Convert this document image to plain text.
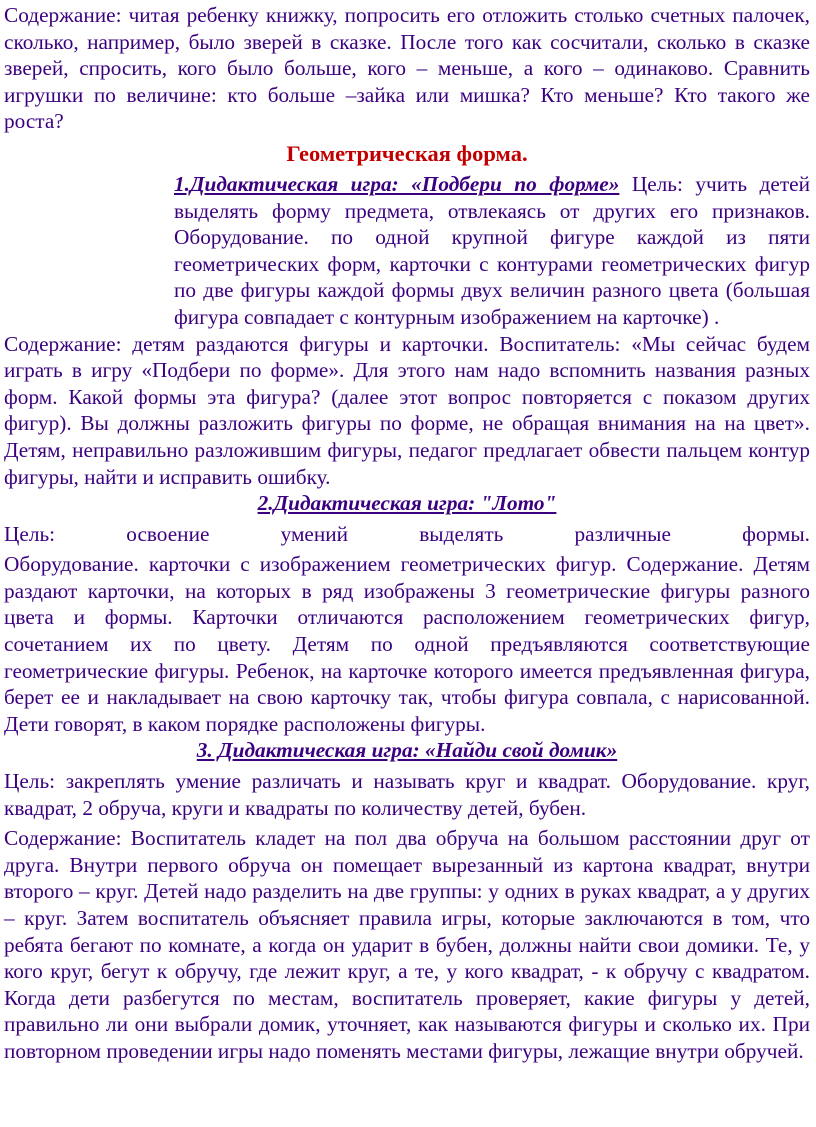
Содержание: читая ребенку книжку, попросить его отложить столько счетных палочек, сколько, например, было зверей в сказке. После того как сосчитали, сколько в сказке зверей, спросить, кого было больше, кого – меньше, а кого – одинаково. Сравнить игрушки по величине: кто больше –зайка или мишка? Кто меньше? Кто такого же роста?

Геометрическая форма.

1.Дидактическая игра: «Подбери по форме» Цель: учить детей выделять форму предмета, отвлекаясь от других его признаков. Оборудование. по одной крупной фигуре каждой из пяти геометрических форм, карточки с контурами геометрических фигур по две фигуры каждой формы двух величин разного цвета (большая фигура совпадает с контурным изображением на карточке) .

Содержание: детям раздаются фигуры и карточки. Воспитатель: «Мы сейчас будем играть в игру «Подбери по форме». Для этого нам надо вспомнить названия разных форм. Какой формы эта фигура? (далее этот вопрос повторяется с показом других фигур). Вы должны разложить фигуры по форме, не обращая внимания на на цвет». Детям, неправильно разложившим фигуры, педагог предлагает обвести пальцем контур фигуры, найти и исправить ошибку.

2.Дидактическая игра: "Лото"

Цель: освоение умений выделять различные формы.

Оборудование. карточки с изображением геометрических фигур. Содержание. Детям раздают карточки, на которых в ряд изображены 3 геометрические фигуры разного цвета и формы. Карточки отличаются расположением геометрических фигур, сочетанием их по цвету. Детям по одной предъявляются соответствующие геометрические фигуры. Ребенок, на карточке которого имеется предъявленная фигура, берет ее и накладывает на свою карточку так, чтобы фигура совпала, с нарисованной. Дети говорят, в каком порядке расположены фигуры.

3. Дидактическая игра: «Найди свой домик»

Цель: закреплять умение различать и называть круг и квадрат. Оборудование. круг, квадрат, 2 обруча, круги и квадраты по количеству детей, бубен.

Содержание: Воспитатель кладет на пол два обруча на большом расстоянии друг от друга. Внутри первого обруча он помещает вырезанный из картона квадрат, внутри второго – круг. Детей надо разделить на две группы: у одних в руках квадрат, а у других – круг. Затем воспитатель объясняет правила игры, которые заключаются в том, что ребята бегают по комнате, а когда он ударит в бубен, должны найти свои домики. Те, у кого круг, бегут к обручу, где лежит круг, а те, у кого квадрат, - к обручу с квадратом. Когда дети разбегутся по местам, воспитатель проверяет, какие фигуры у детей, правильно ли они выбрали домик, уточняет, как называются фигуры и сколько их. При повторном проведении игры надо поменять местами фигуры, лежащие внутри обручей.
